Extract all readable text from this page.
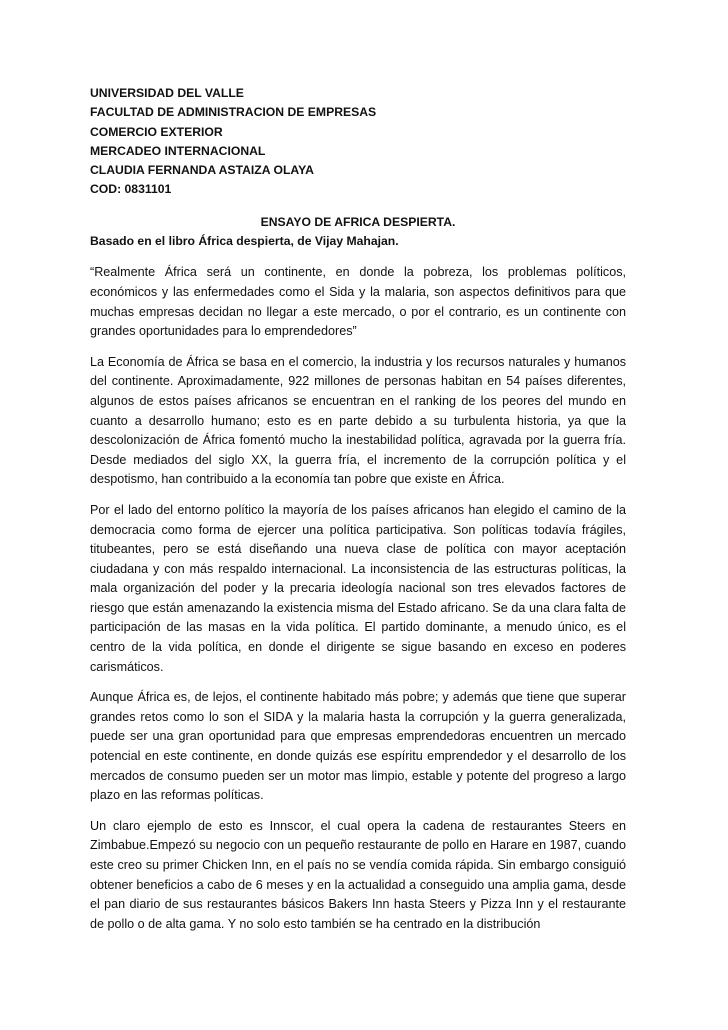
UNIVERSIDAD DEL VALLE
FACULTAD DE ADMINISTRACION DE EMPRESAS
COMERCIO EXTERIOR
MERCADEO INTERNACIONAL
CLAUDIA FERNANDA ASTAIZA OLAYA
COD: 0831101
ENSAYO DE AFRICA DESPIERTA.
Basado en el libro África despierta, de Vijay Mahajan.

“Realmente África será un continente, en donde la pobreza, los problemas políticos, económicos y las enfermedades como el Sida y la malaria, son aspectos definitivos para que muchas empresas decidan no llegar a este mercado, o por el contrario, es un continente con grandes oportunidades para lo emprendedores”

La Economía de África se basa en el comercio, la industria y los recursos naturales y humanos del continente. Aproximadamente, 922 millones de personas habitan en 54 países diferentes, algunos de estos países africanos se encuentran en el ranking de los peores del mundo en cuanto a desarrollo humano; esto es en parte debido a su turbulenta historia, ya que la descolonización de África fomentó mucho la inestabilidad política, agravada por la guerra fría. Desde mediados del siglo XX, la guerra fría, el incremento de la corrupción política y el despotismo, han contribuido a la economía tan pobre que existe en África.

Por el lado del entorno político la mayoría de los países africanos han elegido el camino de la democracia como forma de ejercer una política participativa. Son políticas todavía frágiles, titubeantes, pero se está diseñando una nueva clase de política con mayor aceptación ciudadana y con más respaldo internacional. La inconsistencia de las estructuras políticas, la mala organización del poder y la precaria ideología nacional son tres elevados factores de riesgo que están amenazando la existencia misma del Estado africano. Se da una clara falta de participación de las masas en la vida política. El partido dominante, a menudo único, es el centro de la vida política, en donde el dirigente se sigue basando en exceso en poderes carismáticos.

Aunque África es, de lejos, el continente habitado más pobre; y además que tiene que superar grandes retos como lo son el SIDA y la malaria hasta la corrupción y la guerra generalizada, puede ser una gran oportunidad para que empresas emprendedoras encuentren un mercado potencial en este continente, en donde quizás ese espíritu emprendedor y el desarrollo de los mercados de consumo pueden ser un motor mas limpio, estable y potente del progreso a largo plazo en las reformas políticas.

Un claro ejemplo de esto es Innscor, el cual opera la cadena de restaurantes Steers en Zimbabue.Empezó su negocio con un pequeño restaurante de pollo en Harare en 1987, cuando este creo su primer Chicken Inn, en el país no se vendía comida rápida. Sin embargo consiguió obtener beneficios a cabo de 6 meses y en la actualidad a conseguido una amplia gama, desde el pan diario de sus restaurantes básicos Bakers Inn hasta Steers y Pizza Inn y el restaurante de pollo o de alta gama. Y no solo esto también se ha centrado en la distribución
